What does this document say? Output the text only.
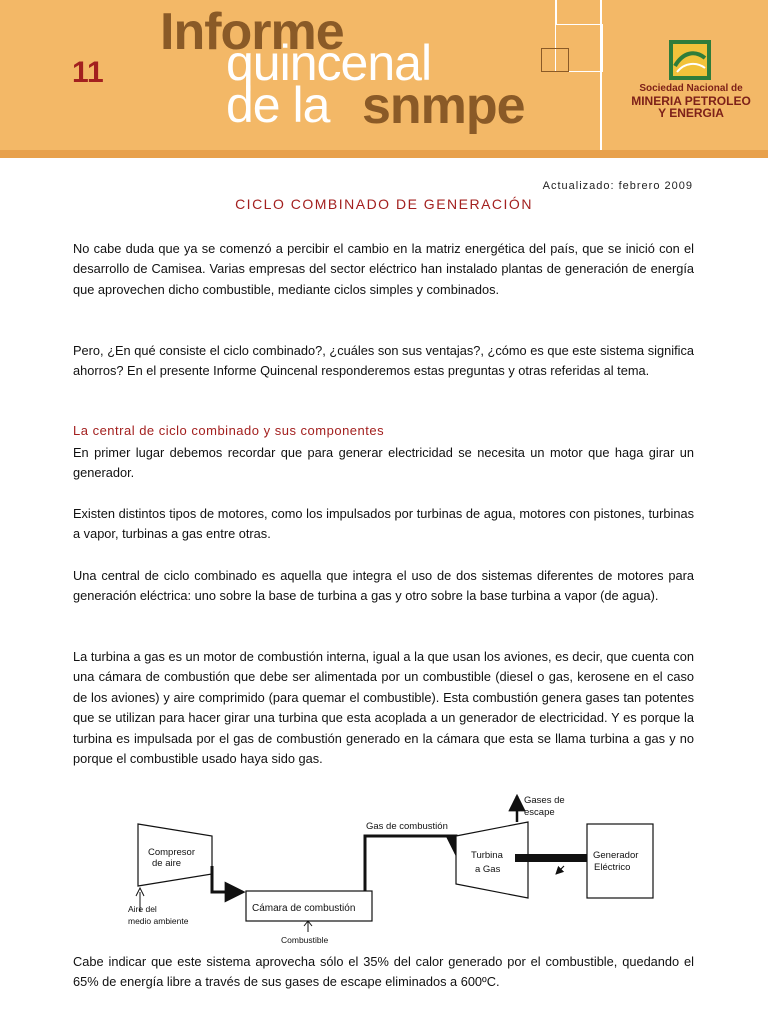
11
Informe
quincenal
de la snmpe	Sociedad Nacional de
MINERIA PETROLEO
Y ENERGIA
Actualizado: febrero 2009
CICLO COMBINADO DE GENERACIÓN

No cabe duda que ya se comenzó a percibir el cambio en la matriz energética del país, que se inició con el desarrollo de Camisea. Varias empresas del sector eléctrico han instalado plantas de generación de energía que aprovechen dicho combustible, mediante ciclos simples y combinados.

Pero, ¿En qué consiste el ciclo combinado?, ¿cuáles son sus ventajas?, ¿cómo es que este sistema significa ahorros? En el presente Informe Quincenal responderemos estas preguntas y otras referidas al tema.

La central de ciclo combinado y sus componentes

En primer lugar debemos recordar que para generar electricidad se necesita un motor que haga girar un generador.

Existen distintos tipos de motores, como los impulsados por turbinas de agua, motores con pistones, turbinas a vapor, turbinas a gas entre otras.

Una central de ciclo combinado es aquella que integra el uso de dos sistemas diferentes de motores para generación eléctrica: uno sobre la base de turbina a gas y otro sobre la base turbina a vapor (de agua).

La turbina a gas es un motor de combustión interna, igual a la que usan los aviones, es decir, que cuenta con una cámara de combustión que debe ser alimentada por un combustible (diesel o gas, kerosene en el caso de los aviones) y aire comprimido (para quemar el combustible). Esta combustión genera gases tan potentes que se utilizan para hacer girar una turbina que esta acoplada a un generador de electricidad. Y es porque la turbina es impulsada por el gas de combustión generado en la cámara que esta se llama turbina a gas y no porque el combustible usado haya sido gas.

Compresor
de aire
Aire del
medio ambiente
Cámara de combustión
Combustible
Gas de combustión
Turbina
a Gas
Gases de
escape
Generador
Eléctrico

Cabe indicar que este sistema aprovecha sólo el 35% del calor generado por el combustible, quedando el 65% de energía libre a través de sus gases de escape eliminados a 600ºC.
